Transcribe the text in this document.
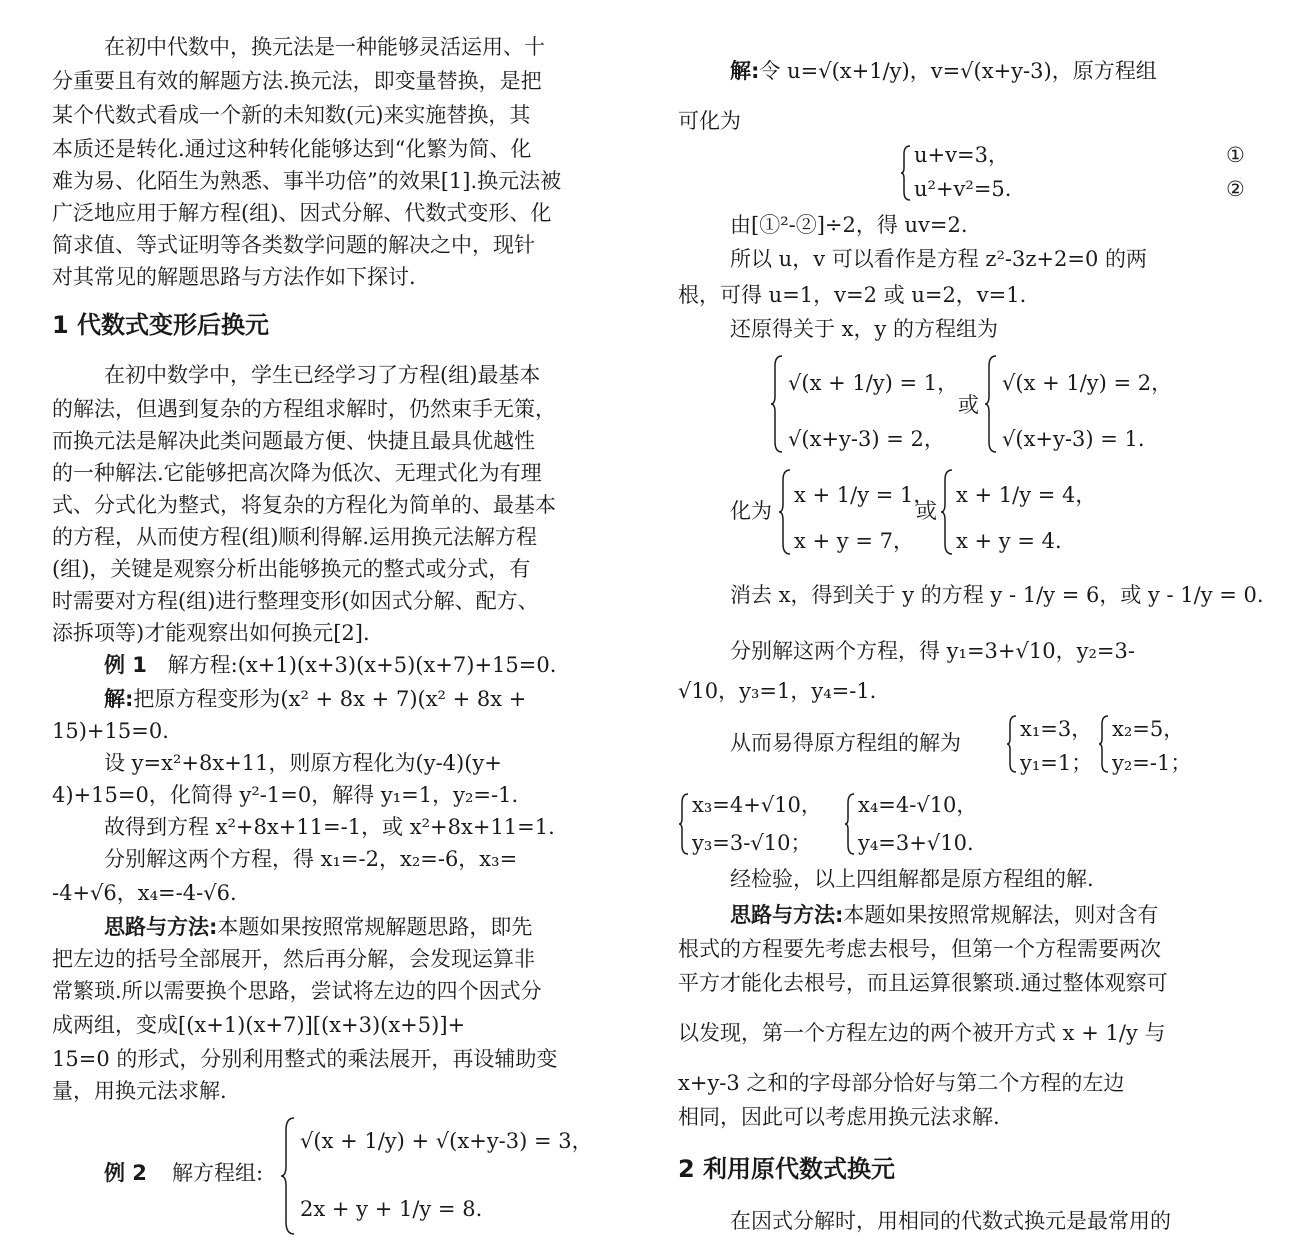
在初中代数中，换元法是一种能够灵活运用、十
分重要且有效的解题方法.换元法，即变量替换，是把
某个代数式看成一个新的未知数(元)来实施替换，其
本质还是转化.通过这种转化能够达到“化繁为简、化
难为易、化陌生为熟悉、事半功倍”的效果[1].换元法被
广泛地应用于解方程(组)、因式分解、代数式变形、化
简求值、等式证明等各类数学问题的解决之中，现针
对其常见的解题思路与方法作如下探讨.
1 代数式变形后换元
在初中数学中，学生已经学习了方程(组)最基本
的解法，但遇到复杂的方程组求解时，仍然束手无策，
而换元法是解决此类问题最方便、快捷且最具优越性
的一种解法.它能够把高次降为低次、无理式化为有理
式、分式化为整式，将复杂的方程化为简单的、最基本
的方程，从而使方程(组)顺利得解.运用换元法解方程
(组)，关键是观察分析出能够换元的整式或分式，有
时需要对方程(组)进行整理变形(如因式分解、配方、
添拆项等)才能观察出如何换元[2].
例 1 解方程:(x+1)(x+3)(x+5)(x+7)+15=0.
解:把原方程变形为(x² + 8x + 7)(x² + 8x +
15)+15=0.
设 y=x²+8x+11，则原方程化为(y-4)(y+
4)+15=0，化简得 y²-1=0，解得 y₁=1，y₂=-1.
故得到方程 x²+8x+11=-1，或 x²+8x+11=1.
分别解这两个方程，得 x₁=-2，x₂=-6，x₃=
-4+√6，x₄=-4-√6.
思路与方法:本题如果按照常规解题思路，即先
把左边的括号全部展开，然后再分解，会发现运算非
常繁琐.所以需要换个思路，尝试将左边的四个因式分
成两组，变成[(x+1)(x+7)][(x+3)(x+5)]+
15=0 的形式，分别利用整式的乘法展开，再设辅助变
量，用换元法求解.
例 2 解方程组:
√(x + 1/y) + √(x+y-3) = 3，
2x + y + 1/y = 8.
解:令 u=√(x+1/y)，v=√(x+y-3)，原方程组
可化为
u+v=3，
u²+v²=5.
①
②
由[①²-②]÷2，得 uv=2.
所以 u，v 可以看作是方程 z²-3z+2=0 的两
根，可得 u=1，v=2 或 u=2，v=1.
还原得关于 x，y 的方程组为
√(x + 1/y) = 1，
√(x+y-3) = 2，
或
√(x + 1/y) = 2，
√(x+y-3) = 1.
化为
x + 1/y = 1，
x + y = 7，
或
x + 1/y = 4，
x + y = 4.
消去 x，得到关于 y 的方程 y - 1/y = 6，或 y - 1/y = 0.
分别解这两个方程，得 y₁=3+√10，y₂=3-
√10，y₃=1，y₄=-1.
从而易得原方程组的解为
x₁=3，
y₁=1；
x₂=5，
y₂=-1；
x₃=4+√10，
y₃=3-√10；
x₄=4-√10，
y₄=3+√10.
经检验，以上四组解都是原方程组的解.
思路与方法:本题如果按照常规解法，则对含有
根式的方程要先考虑去根号，但第一个方程需要两次
平方才能化去根号，而且运算很繁琐.通过整体观察可
以发现，第一个方程左边的两个被开方式 x + 1/y 与
x+y-3 之和的字母部分恰好与第二个方程的左边
相同，因此可以考虑用换元法求解.
2 利用原代数式换元
在因式分解时，用相同的代数式换元是最常用的
